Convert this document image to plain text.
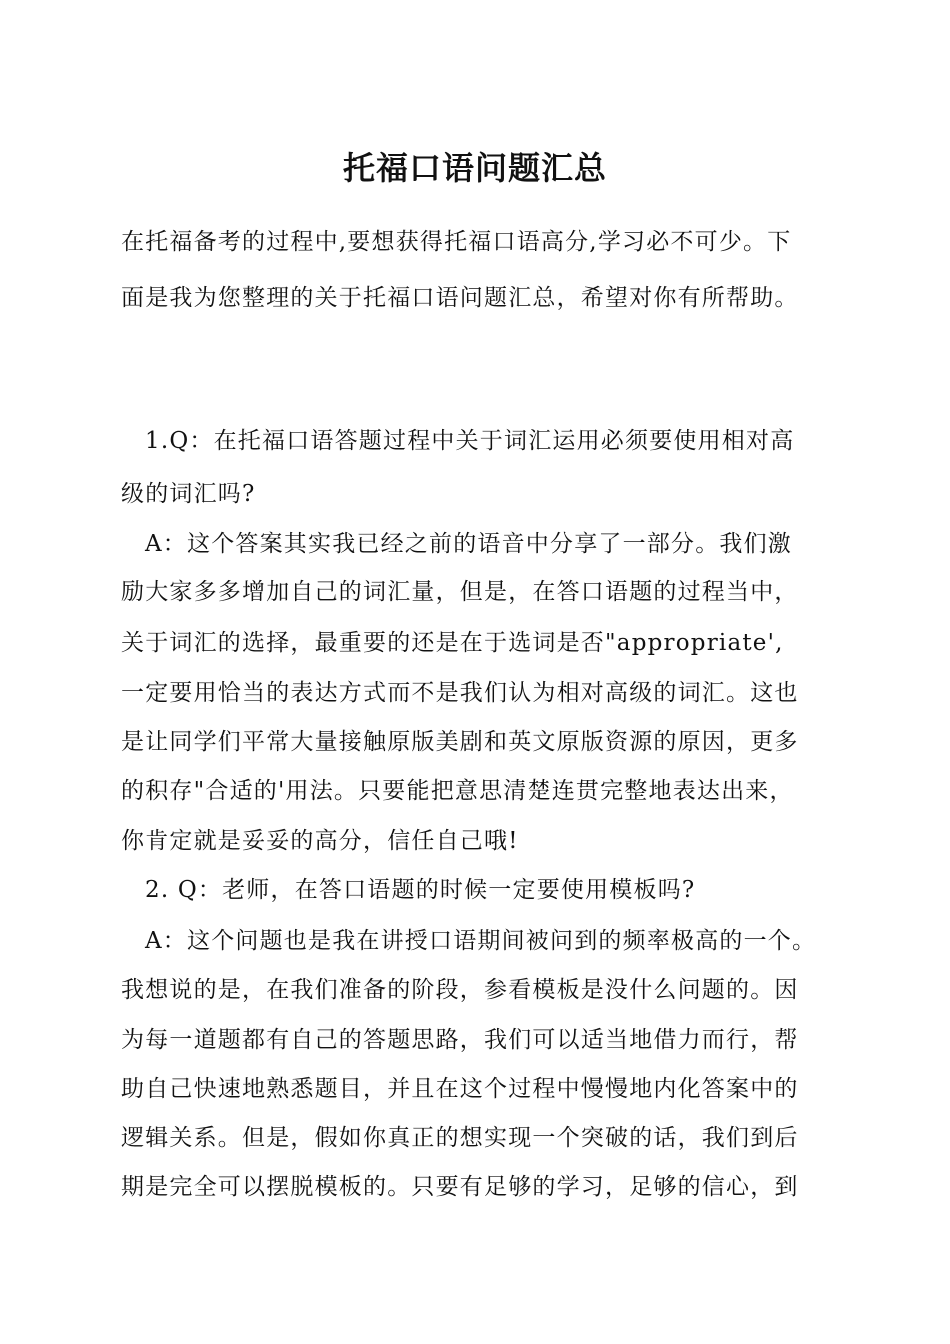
托福口语问题汇总

在托福备考的过程中,要想获得托福口语高分,学习必不可少。下

面是我为您整理的关于托福口语问题汇总，希望对你有所帮助。

1.Q：在托福口语答题过程中关于词汇运用必须要使用相对高

级的词汇吗?

A：这个答案其实我已经之前的语音中分享了一部分。我们激

励大家多多增加自己的词汇量，但是，在答口语题的过程当中，

关于词汇的选择，最重要的还是在于选词是否"appropriate',

一定要用恰当的表达方式而不是我们认为相对高级的词汇。这也

是让同学们平常大量接触原版美剧和英文原版资源的原因，更多

的积存"合适的'用法。只要能把意思清楚连贯完整地表达出来，

你肯定就是妥妥的高分，信任自己哦!

2. Q：老师，在答口语题的时候一定要使用模板吗?

A：这个问题也是我在讲授口语期间被问到的频率极高的一个。

我想说的是，在我们准备的阶段，参看模板是没什么问题的。因

为每一道题都有自己的答题思路，我们可以适当地借力而行，帮

助自己快速地熟悉题目，并且在这个过程中慢慢地内化答案中的

逻辑关系。但是，假如你真正的想实现一个突破的话，我们到后

期是完全可以摆脱模板的。只要有足够的学习，足够的信心，到
